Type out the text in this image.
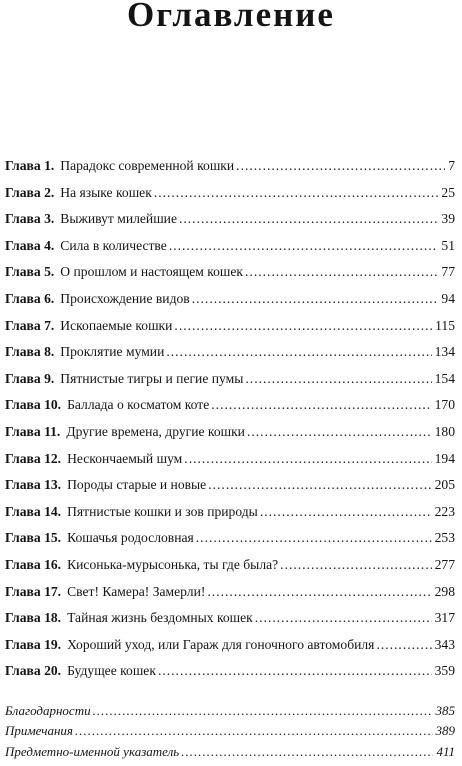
Оглавление
Глава 1. Парадокс современной кошки .....	7
Глава 2. На языке кошек .....	25
Глава 3. Выживут милейшие .....	39
Глава 4. Сила в количестве .....	51
Глава 5. О прошлом и настоящем кошек .....	77
Глава 6. Происхождение видов .....	94
Глава 7. Ископаемые кошки .....	115
Глава 8. Проклятие мумии .....	134
Глава 9. Пятнистые тигры и пегие пумы .....	154
Глава 10. Баллада о косматом коте .....	170
Глава 11. Другие времена, другие кошки .....	180
Глава 12. Нескончаемый шум .....	194
Глава 13. Породы старые и новые .....	205
Глава 14. Пятнистые кошки и зов природы .....	223
Глава 15. Кошачья родословная .....	253
Глава 16. Кисонька-мурысонька, ты где была? .....	277
Глава 17. Свет! Камера! Замерли! .....	298
Глава 18. Тайная жизнь бездомных кошек .....	317
Глава 19. Хороший уход, или Гараж для гоночного автомобиля .....	343
Глава 20. Будущее кошек .....	359
Благодарности .....	385
Примечания .....	389
Предметно-именной указатель .....	411
